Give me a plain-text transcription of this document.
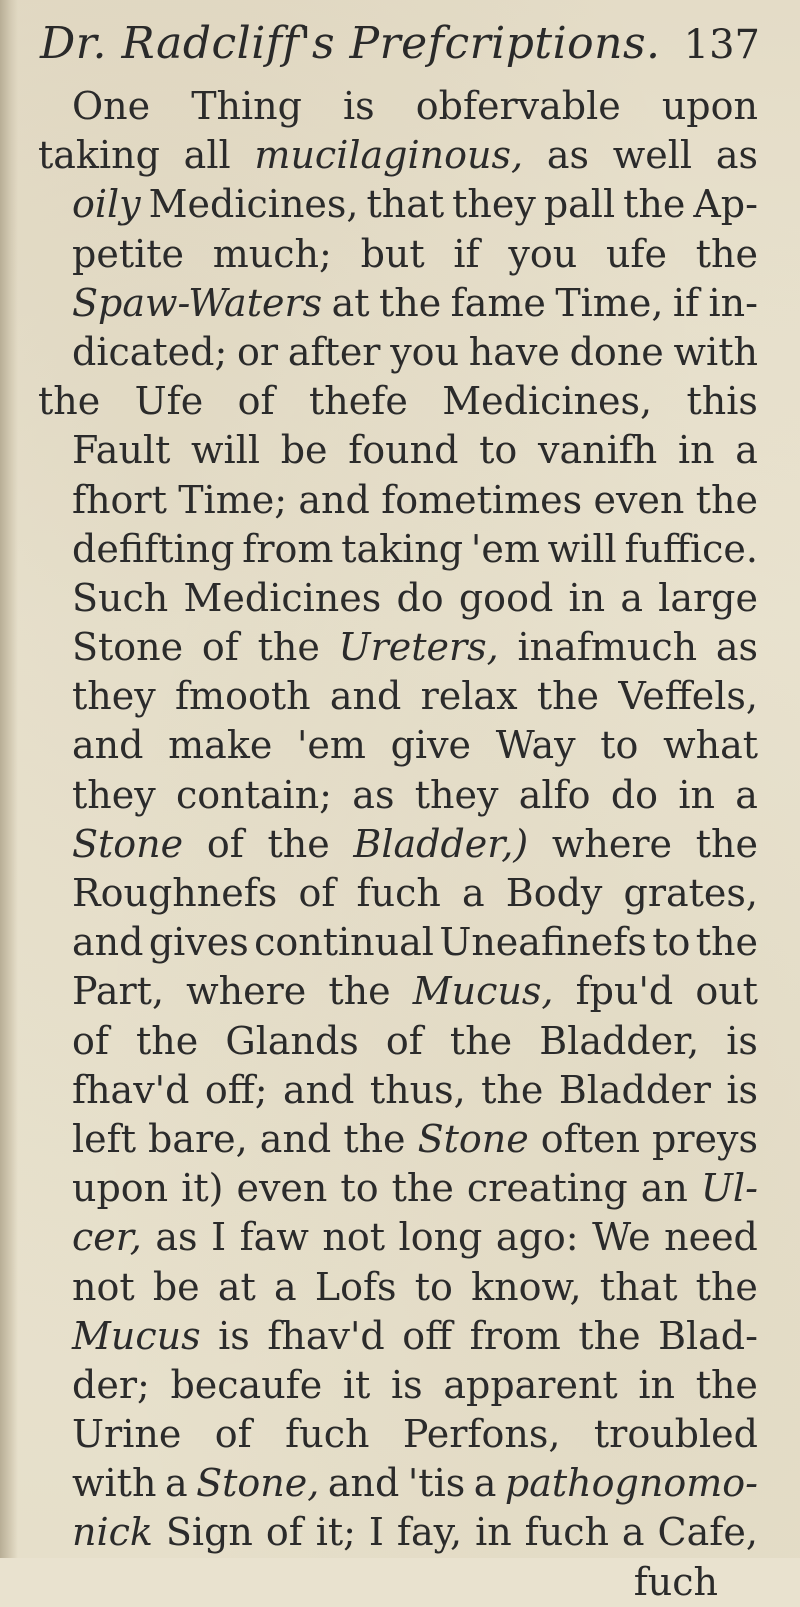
Dr. Radcliff's Prefcriptions. 137
One Thing is obfervable upon
taking all mucilaginous, as well as
oily Medicines, that they pall the Ap-
petite much; but if you ufe the
Spaw-Waters at the fame Time, if in-
dicated; or after you have done with
the Ufe of thefe Medicines, this
Fault will be found to vanifh in a
fhort Time; and fometimes even the
defifting from taking 'em will fuffice.
Such Medicines do good in a large
Stone of the Ureters, inafmuch as
they fmooth and relax the Veffels,
and make 'em give Way to what
they contain; as they alfo do in a
Stone of the Bladder,) where the
Roughnefs of fuch a Body grates,
and gives continual Uneafinefs to the
Part, where the Mucus, fpu'd out
of the Glands of the Bladder, is
fhav'd off; and thus, the Bladder is
left bare, and the Stone often preys
upon it) even to the creating an Ul-
cer, as I faw not long ago: We need
not be at a Lofs to know, that the
Mucus is fhav'd off from the Blad-
der; becaufe it is apparent in the
Urine of fuch Perfons, troubled
with a Stone, and 'tis a pathognomo-
nick Sign of it; I fay, in fuch a Cafe,
fuch
